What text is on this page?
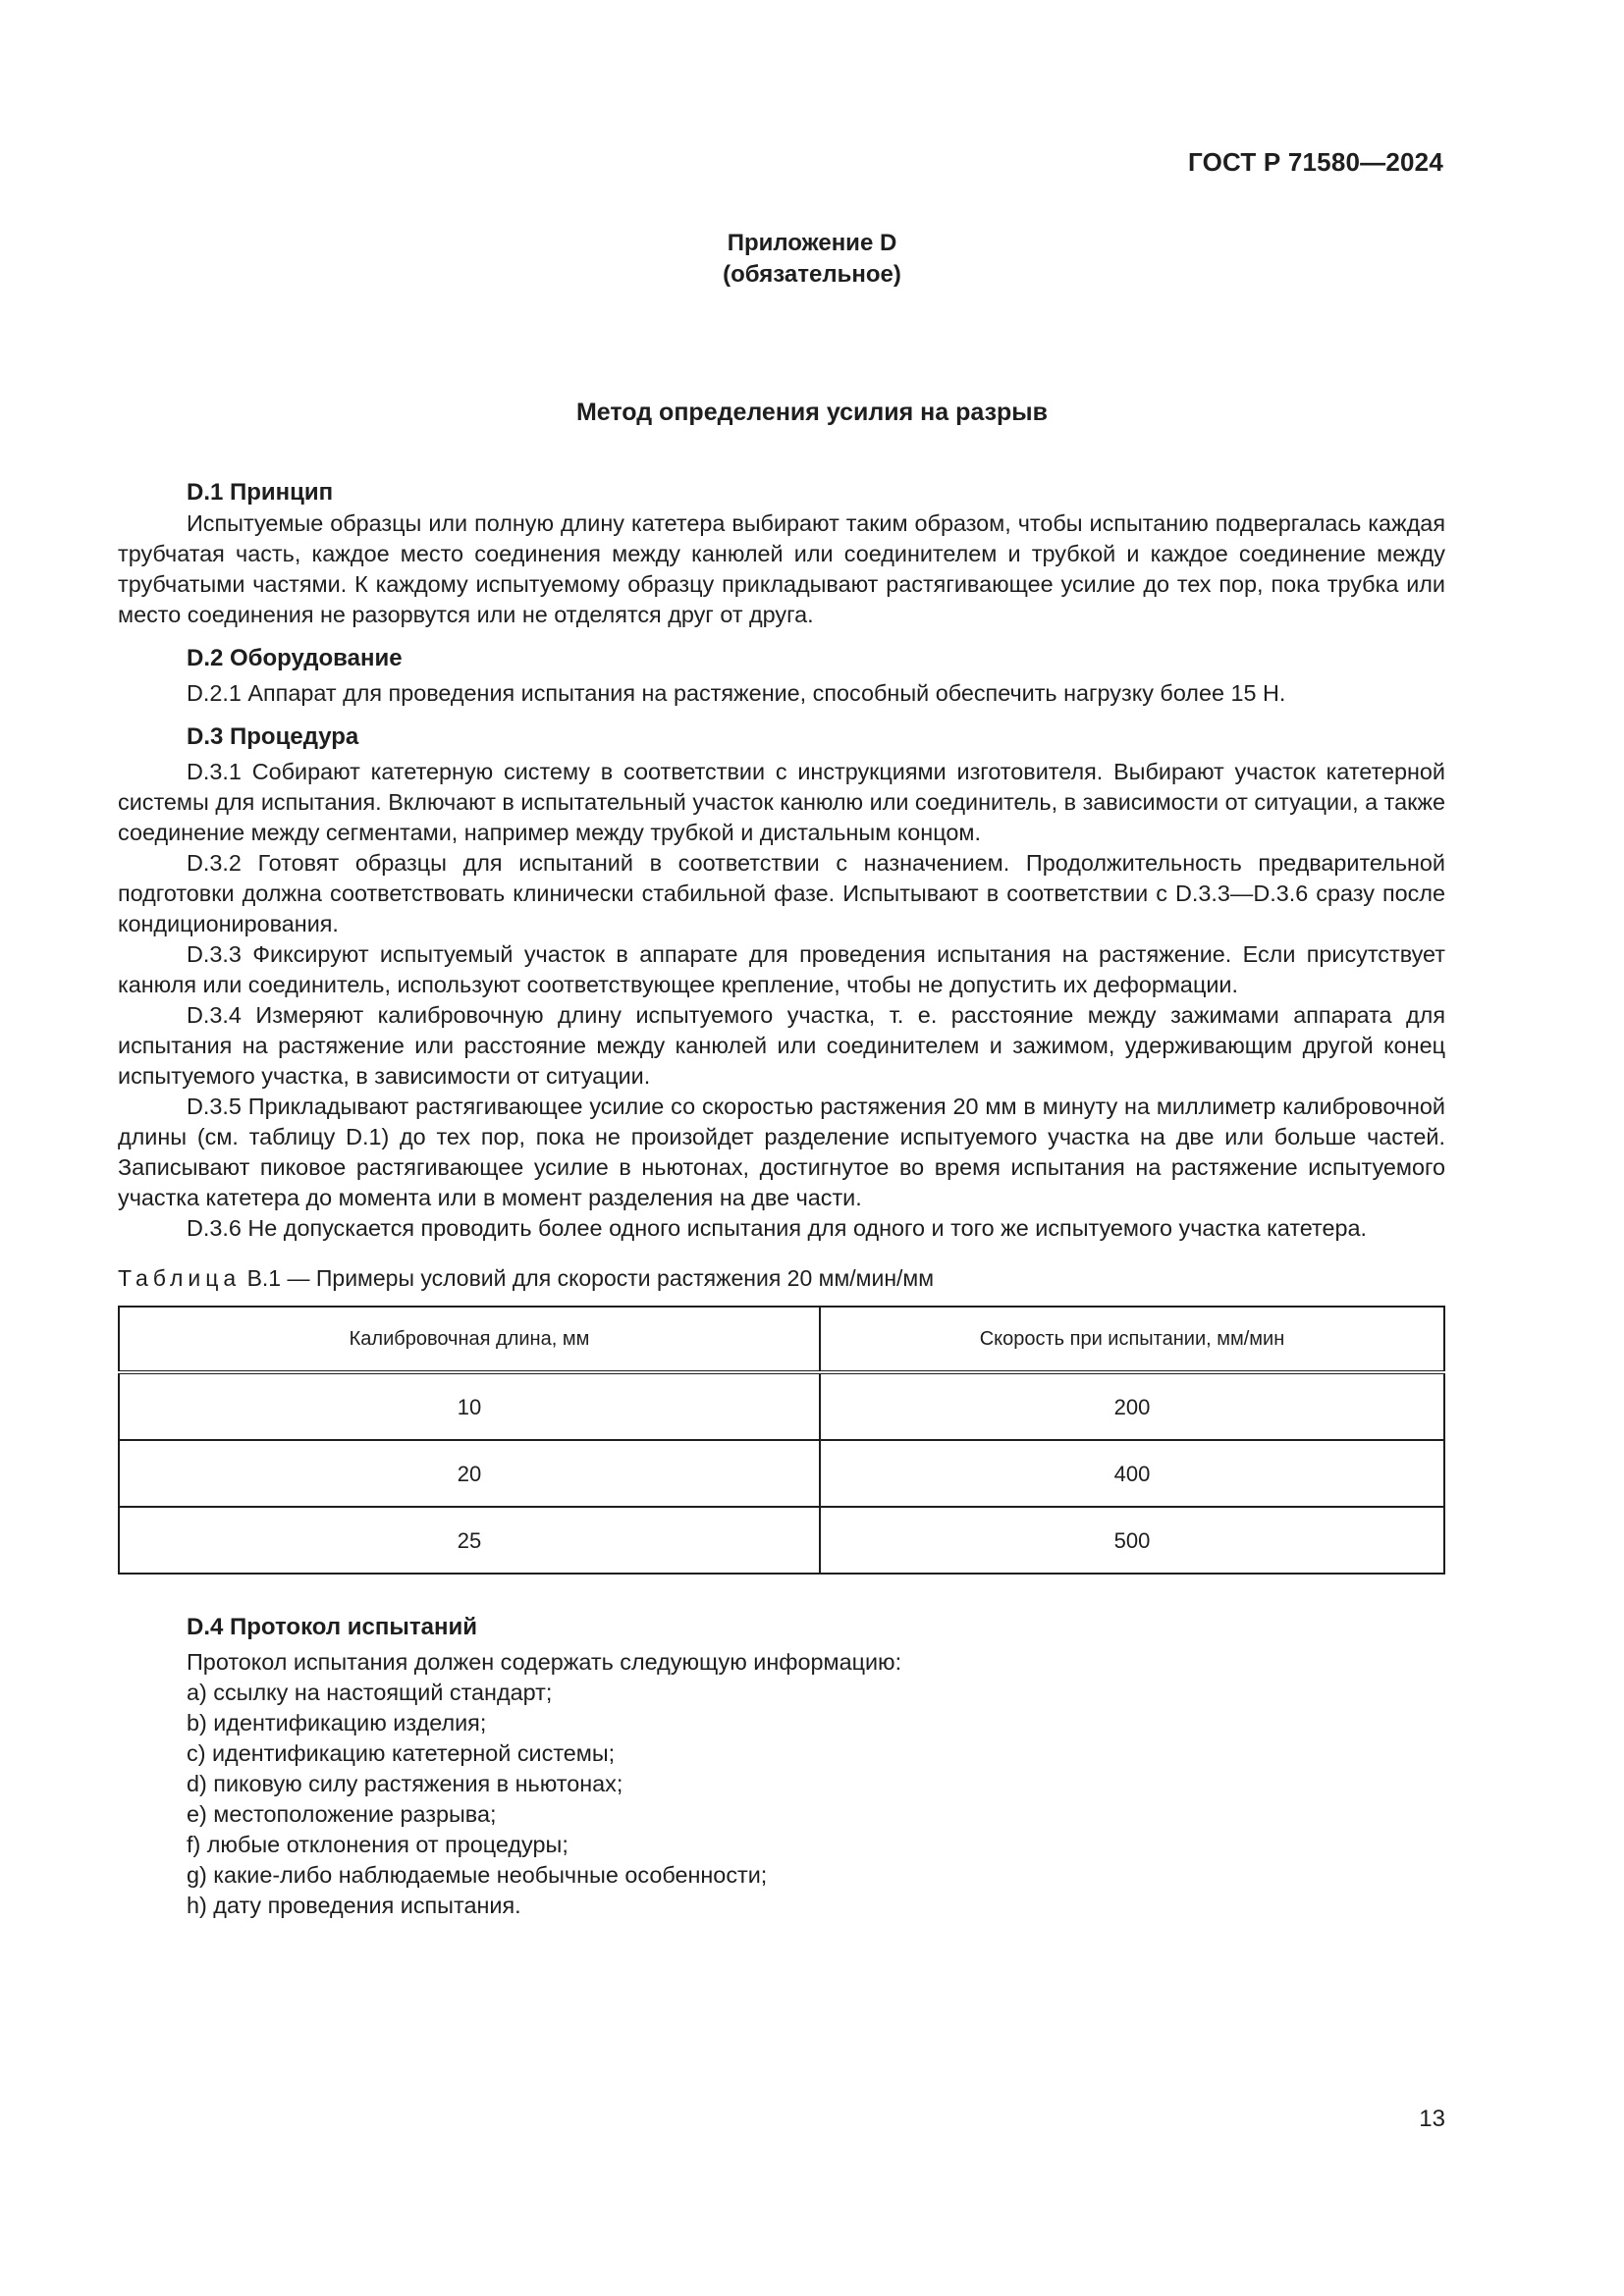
ГОСТ Р 71580—2024
Приложение D
(обязательное)
Метод определения усилия на разрыв

D.1 Принцип

Испытуемые образцы или полную длину катетера выбирают таким образом, чтобы испытанию подвергалась каждая трубчатая часть, каждое место соединения между канюлей или соединителем и трубкой и каждое соединение между трубчатыми частями. К каждому испытуемому образцу прикладывают растягивающее усилие до тех пор, пока трубка или место соединения не разорвутся или не отделятся друг от друга.

D.2 Оборудование

D.2.1 Аппарат для проведения испытания на растяжение, способный обеспечить нагрузку более 15 Н.

D.3 Процедура

D.3.1 Собирают катетерную систему в соответствии с инструкциями изготовителя. Выбирают участок катетерной системы для испытания. Включают в испытательный участок канюлю или соединитель, в зависимости от ситуации, а также соединение между сегментами, например между трубкой и дистальным концом.

D.3.2 Готовят образцы для испытаний в соответствии с назначением. Продолжительность предварительной подготовки должна соответствовать клинически стабильной фазе. Испытывают в соответствии с D.3.3—D.3.6 сразу после кондиционирования.

D.3.3 Фиксируют испытуемый участок в аппарате для проведения испытания на растяжение. Если присутствует канюля или соединитель, используют соответствующее крепление, чтобы не допустить их деформации.

D.3.4 Измеряют калибровочную длину испытуемого участка, т. е. расстояние между зажимами аппарата для испытания на растяжение или расстояние между канюлей или соединителем и зажимом, удерживающим другой конец испытуемого участка, в зависимости от ситуации.

D.3.5 Прикладывают растягивающее усилие со скоростью растяжения 20 мм в минуту на миллиметр калибровочной длины (см. таблицу D.1) до тех пор, пока не произойдет разделение испытуемого участка на две или больше частей. Записывают пиковое растягивающее усилие в ньютонах, достигнутое во время испытания на растяжение испытуемого участка катетера до момента или в момент разделения на две части.

D.3.6 Не допускается проводить более одного испытания для одного и того же испытуемого участка катетера.

Таблица В.1 — Примеры условий для скорости растяжения 20 мм/мин/мм
Калибровочная длина, мм	Скорость при испытании, мм/мин
10	200
20	400
25	500

D.4 Протокол испытаний

Протокол испытания должен содержать следующую информацию:

a) ссылку на настоящий стандарт;

b) идентификацию изделия;

c) идентификацию катетерной системы;

d) пиковую силу растяжения в ньютонах;

e) местоположение разрыва;

f) любые отклонения от процедуры;

g) какие-либо наблюдаемые необычные особенности;

h) дату проведения испытания.

13
